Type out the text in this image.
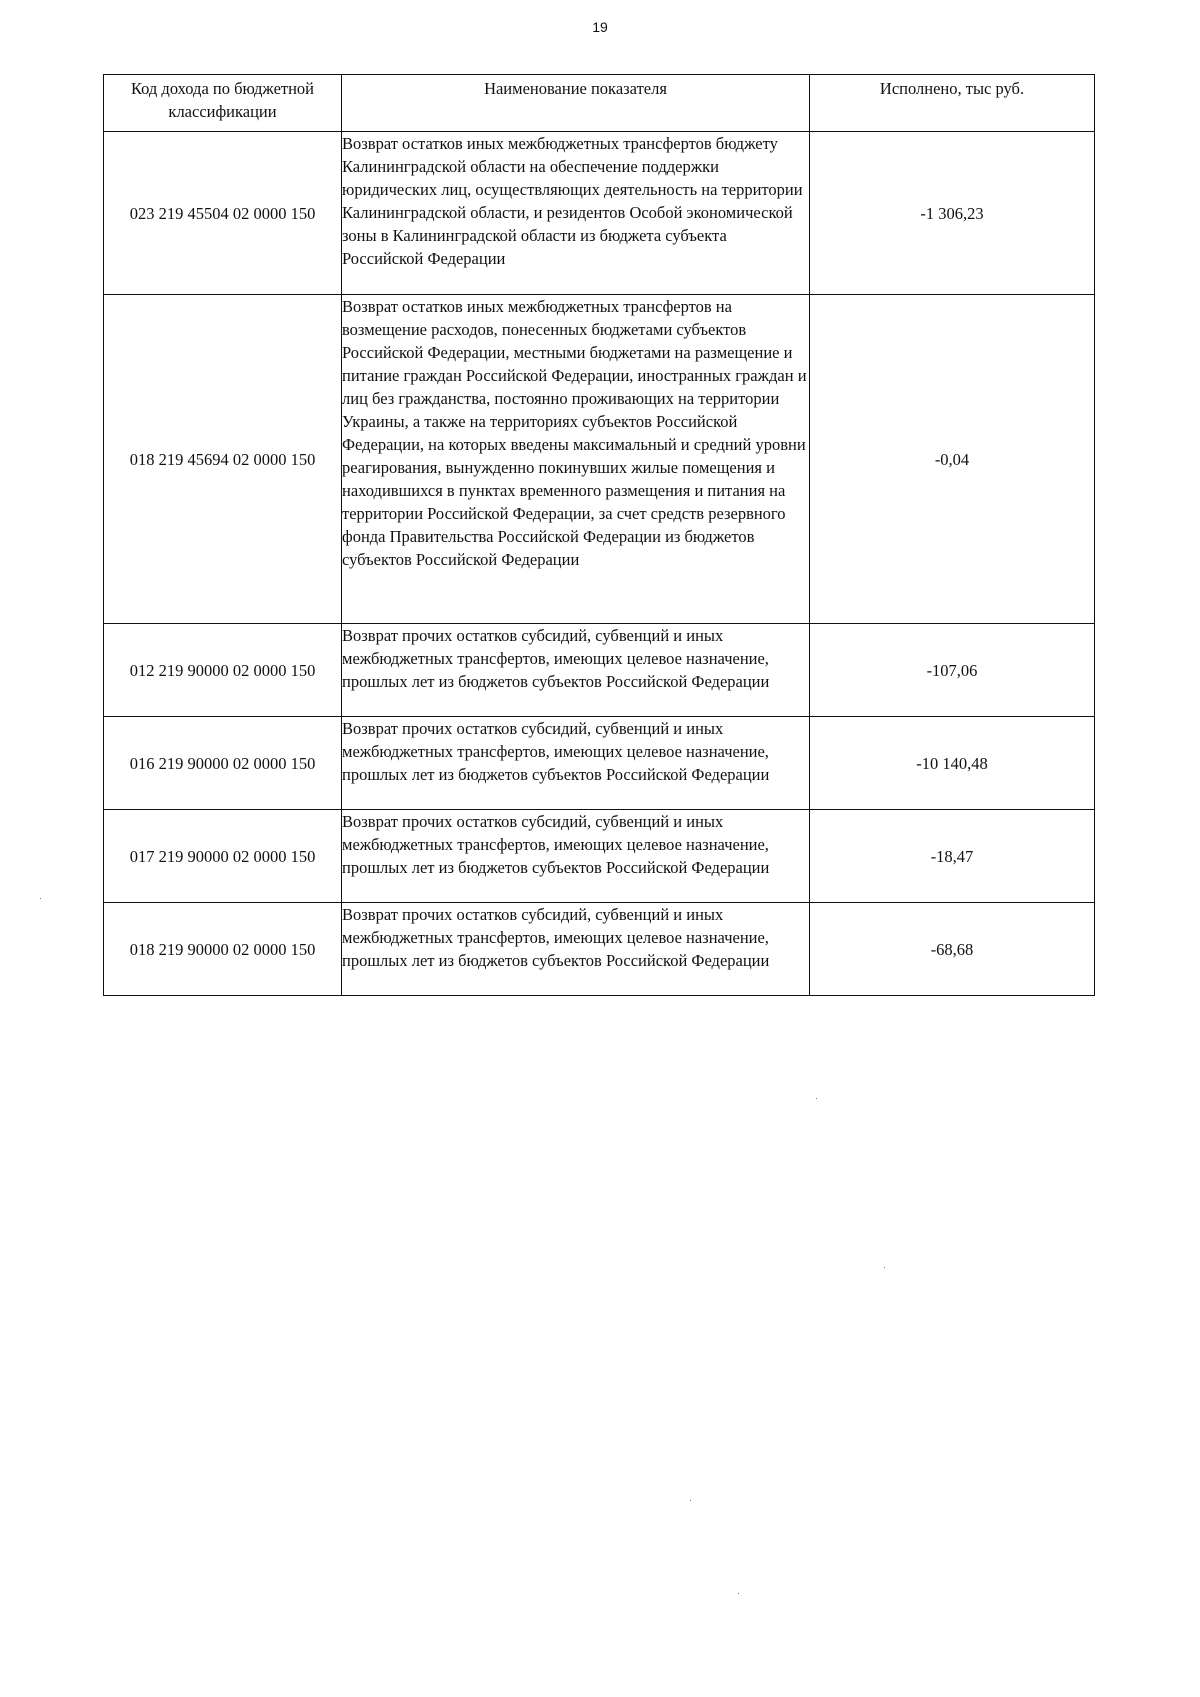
19
Код дохода по бюджетной классификации	Наименование показателя	Исполнено, тыс руб.
023 219 45504 02 0000 150	Возврат остатков иных межбюджетных трансфертов бюджету Калининградской области на обеспечение поддержки юридических лиц, осуществляющих деятельность на территории Калининградской области, и резидентов Особой экономической зоны в Калининградской области из бюджета субъекта Российской Федерации	-1 306,23
018 219 45694 02 0000 150	Возврат остатков иных межбюджетных трансфертов на возмещение расходов, понесенных бюджетами субъектов Российской Федерации, местными бюджетами на размещение и питание граждан Российской Федерации, иностранных граждан и лиц без гражданства, постоянно проживающих на территории Украины, а также на территориях субъектов Российской Федерации, на которых введены максимальный и средний уровни реагирования, вынужденно покинувших жилые помещения и находившихся в пунктах временного размещения и питания на территории Российской Федерации, за счет средств резервного фонда Правительства Российской Федерации из бюджетов субъектов Российской Федерации	-0,04
012 219 90000 02 0000 150	Возврат прочих остатков субсидий, субвенций и иных межбюджетных трансфертов, имеющих целевое назначение, прошлых лет из бюджетов субъектов Российской Федерации	-107,06
016 219 90000 02 0000 150	Возврат прочих остатков субсидий, субвенций и иных межбюджетных трансфертов, имеющих целевое назначение, прошлых лет из бюджетов субъектов Российской Федерации	-10 140,48
017 219 90000 02 0000 150	Возврат прочих остатков субсидий, субвенций и иных межбюджетных трансфертов, имеющих целевое назначение, прошлых лет из бюджетов субъектов Российской Федерации	-18,47
018 219 90000 02 0000 150	Возврат прочих остатков субсидий, субвенций и иных межбюджетных трансфертов, имеющих целевое назначение, прошлых лет из бюджетов субъектов Российской Федерации	-68,68
